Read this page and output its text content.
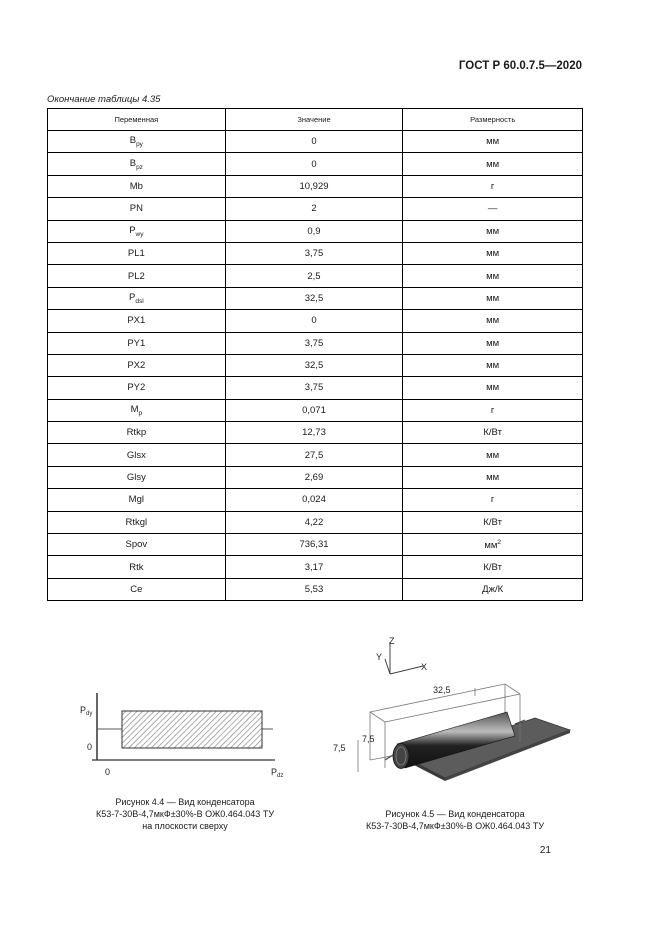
ГОСТ Р 60.0.7.5—2020
Окончание таблицы 4.35
Переменная	Значение	Размерность
$B_{py}$	0	мм
$B_{pz}$	0	мм
Mb	10,929	г
PN	2	—
$P_{wy}$	0,9	мм
PL1	3,75	мм
PL2	2,5	мм
$P_{dsl}$	32,5	мм
PX1	0	мм
PY1	3,75	мм
PX2	32,5	мм
PY2	3,75	мм
$M_p$	0,071	г
Rtkp	12,73	К/Вт
Glsx	27,5	мм
Glsy	2,69	мм
Mgl	0,024	г
Rtkgl	4,22	К/Вт
Spov	736,31	$мм^2$
Rtk	3,17	К/Вт
Ce	5,53	Дж/К
$P_{dy}$
0
0	$P_{dz}$
Рисунок 4.4 — Вид конденсатора
К53-7-30В-4,7мкФ±30%-В ОЖ0.464.043 ТУ
на плоскости сверху
Z
Y
X
32,5
7,5
7,5
Рисунок 4.5 — Вид конденсатора
К53-7-30В-4,7мкФ±30%-В ОЖ0.464.043 ТУ
21
